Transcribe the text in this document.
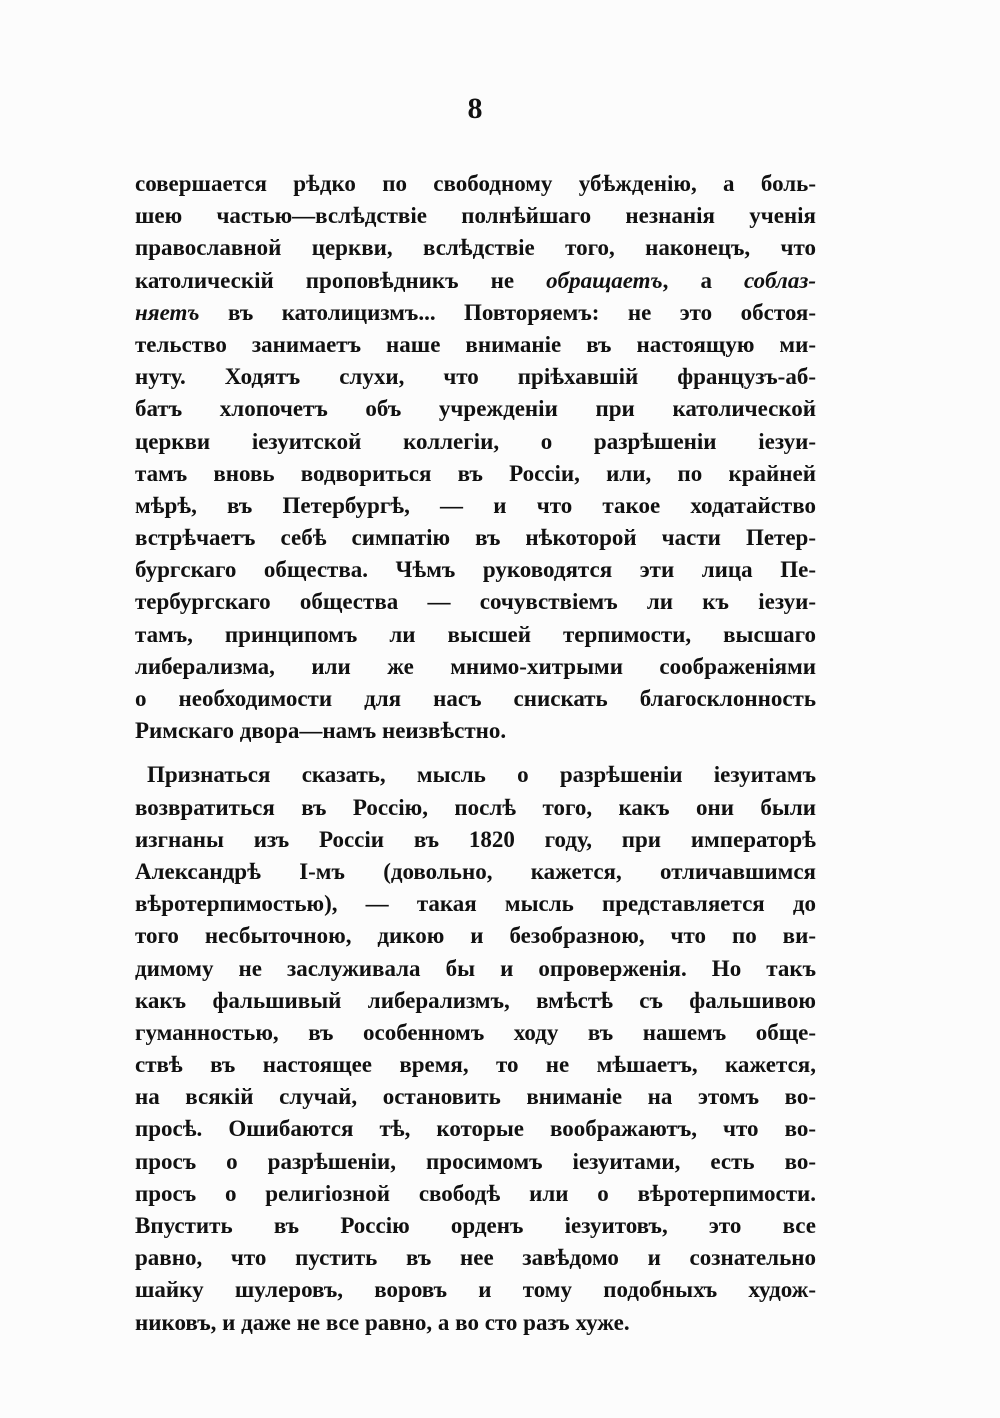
8
совершается рѣдко по свободному убѣжденію, а боль-
шею частью—вслѣдствіе полнѣйшаго незнанія ученія
православной церкви, вслѣдствіе того, наконецъ, что
католическій проповѣдникъ не обращаетъ, а соблаз-
няетъ въ католицизмъ... Повторяемъ: не это обстоя-
тельство занимаетъ наше вниманіе въ настоящую ми-
нуту. Ходятъ слухи, что пріѣхавшій французъ-аб-
батъ хлопочетъ объ учрежденіи при католической
церкви іезуитской коллегіи, о разрѣшеніи іезуи-
тамъ вновь водвориться въ Россіи, или, по крайней
мѣрѣ, въ Петербургѣ, — и что такое ходатайство
встрѣчаетъ себѣ симпатію въ нѣкоторой части Петер-
бургскаго общества. Чѣмъ руководятся эти лица Пе-
тербургскаго общества — сочувствіемъ ли къ іезуи-
тамъ, принципомъ ли высшей терпимости, высшаго
либерализма, или же мнимо-хитрыми соображеніями
о необходимости для насъ снискать благосклонность
Римскаго двора—намъ неизвѣстно.
Признаться сказать, мысль о разрѣшеніи іезуитамъ
возвратиться въ Россію, послѣ того, какъ они были
изгнаны изъ Россіи въ 1820 году, при императорѣ
Александрѣ I-мъ (довольно, кажется, отличавшимся
вѣротерпимостью), — такая мысль представляется до
того несбыточною, дикою и безобразною, что по ви-
димому не заслуживала бы и опроверженія. Но такъ
какъ фальшивый либерализмъ, вмѣстѣ съ фальшивою
гуманностью, въ особенномъ ходу въ нашемъ обще-
ствѣ въ настоящее время, то не мѣшаетъ, кажется,
на всякій случай, остановить вниманіе на этомъ во-
просѣ. Ошибаются тѣ, которые воображаютъ, что во-
просъ о разрѣшеніи, просимомъ іезуитами, есть во-
просъ о религіозной свободѣ или о вѣротерпимости.
Впустить въ Россію орденъ іезуитовъ, это все
равно, что пустить въ нее завѣдомо и сознательно
шайку шулеровъ, воровъ и тому подобныхъ худож-
никовъ, и даже не все равно, а во сто разъ хуже.
